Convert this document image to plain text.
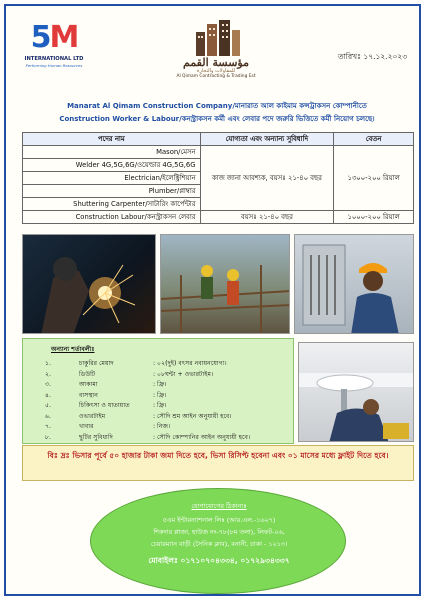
5 M
INTERNATIONAL LTD
Performing Human Resources	مؤسسة القمم
للمقاولات والتجارة
Al Qimam Contracting & Trading Est
তারিখঃ ১৭.১২.২০২৩
Manarat Al Qimam Construction Company/মানারাত আল কাইমাম কন্সট্রাকসন কোম্পানীতে
Construction Worker & Labour/কনস্ট্রাকসন কর্মী এবং লেবার পদে জরুরি ভিত্তিতে কর্মী নিয়োগ চলছে।
পদের নাম	যোগ্যতা এবং অন্যান্য সুবিধাদি	বেতন
Mason/মেসন	কাজ জানা আবশ্যক, বয়সঃ ২১-৪০ বছর	১৩০০-২০০ রিয়াল
Welder 4G,5G,6G/ওয়েল্ডার 4G,5G,6G		
Electrician/ইলেক্ট্রিশিয়ান		
Plumber/প্লাম্বার		
Shuttering Carpenter/সাটারিং কার্পেন্টার		
Construction Labour/কনস্ট্রাকসন লেবার	বয়সঃ ২১-৪০ বছর	১০০০-২০০ রিয়াল
অন্যান্য শর্তাবলীঃ
১.	চাকুরির মেয়াদ	: ০২(দুই) বৎসর নবায়নযোগ্য।
২.	ডিউটি	: ০৮ঘন্টা + ওভারটাইম।
৩.	আকামা	: ফ্রি।
৪.	বাসস্থান	: ফ্রি।
৫.	চিকিৎসা ও যাতায়াত	: ফ্রি।
৬.	ওভারটাইম	: সৌদি শ্রম আইন অনুযায়ী হবে।
৭.	খাবার	: নিজ।
৮.	ছুটির সুবিধাদি	: সৌদি কোম্পানির আইন অনুযায়ী হবে।
বিঃ দ্রঃ ভিসার পূর্বে ৫০ হাজার টাকা জমা দিতে হবে, ভিসা রিসিপ্ট হবেনা এবং ০১ মাসের মধ্যে ফ্লাইট দিতে হবে।
যোগাযোগের ঠিকানাঃ
৫এম ইন্টারন্যাশনাল লিঃ (আর.এল.-১৬২৭)
শিকদার প্লাজা, হাউজ নং-৭৮(৮ম তলা), লিফট-০৬,
চেয়ারম্যান বাড়ী (সৈনিক ক্লাব), বনানী, ঢাকা - ১২১৩।
মোবাইলঃ ০১৭১০৭০৪৩৩৪, ০১৭২৯৩৪৩৩৭
